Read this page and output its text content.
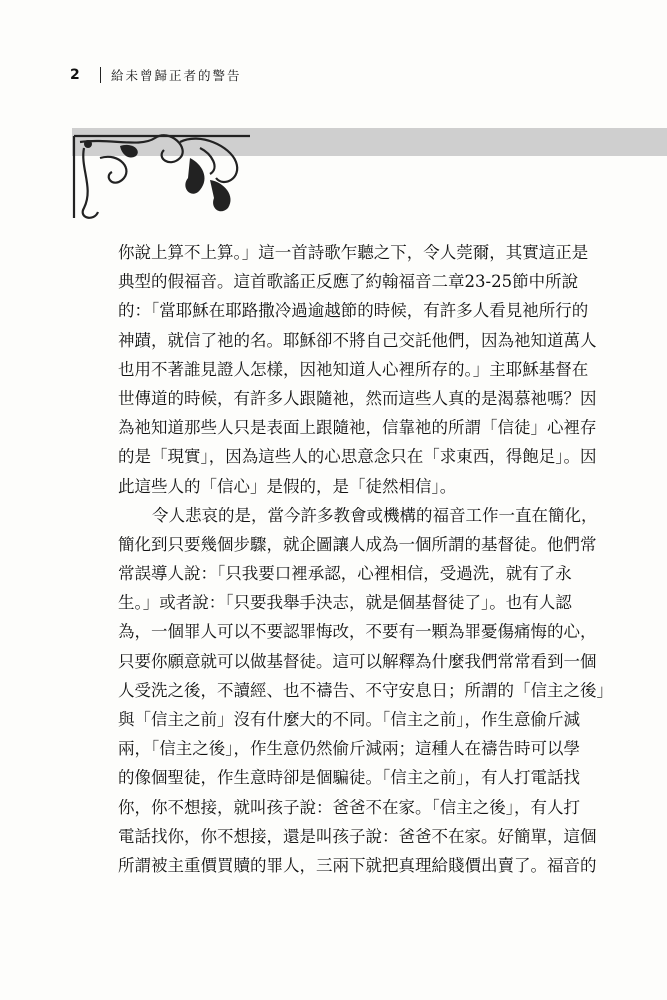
2	給未曾歸正者的警告
你說上算不上算。」這一首詩歌乍聽之下，令人莞爾，其實這正是
典型的假福音。這首歌謠正反應了約翰福音二章23-25節中所說
的：「當耶穌在耶路撒冷過逾越節的時候，有許多人看見祂所行的
神蹟，就信了祂的名。耶穌卻不將自己交託他們，因為祂知道萬人
也用不著誰見證人怎樣，因祂知道人心裡所存的。」主耶穌基督在
世傳道的時候，有許多人跟隨祂，然而這些人真的是渴慕祂嗎？因
為祂知道那些人只是表面上跟隨祂，信靠祂的所謂「信徒」心裡存
的是「現實」，因為這些人的心思意念只在「求東西，得飽足」。因
此這些人的「信心」是假的，是「徒然相信」。
令人悲哀的是，當今許多教會或機構的福音工作一直在簡化，
簡化到只要幾個步驟，就企圖讓人成為一個所謂的基督徒。他們常
常誤導人說：「只我要口裡承認，心裡相信，受過洗，就有了永
生。」或者說：「只要我舉手決志，就是個基督徒了」。也有人認
為，一個罪人可以不要認罪悔改，不要有一顆為罪憂傷痛悔的心，
只要你願意就可以做基督徒。這可以解釋為什麼我們常常看到一個
人受洗之後，不讀經、也不禱告、不守安息日；所謂的「信主之後」
與「信主之前」沒有什麼大的不同。「信主之前」，作生意偷斤減
兩，「信主之後」，作生意仍然偷斤減兩；這種人在禱告時可以學
的像個聖徒，作生意時卻是個騙徒。「信主之前」，有人打電話找
你，你不想接，就叫孩子說：爸爸不在家。「信主之後」，有人打
電話找你，你不想接，還是叫孩子說：爸爸不在家。好簡單，這個
所謂被主重價買贖的罪人，三兩下就把真理給賤價出賣了。福音的
